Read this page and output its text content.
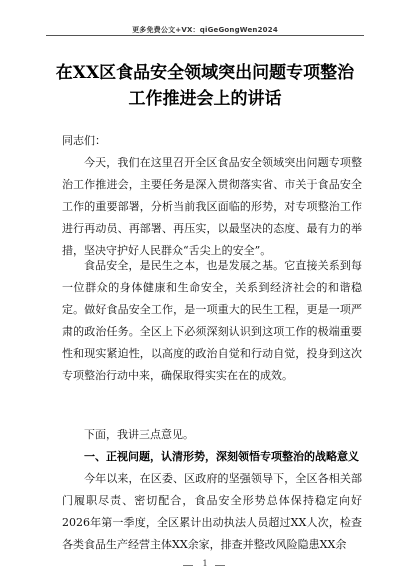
更多免费公文+VX：qiGeGongWen2024
在XX区食品安全领域突出问题专项整治
工作推进会上的讲话

同志们：

今天，我们在这里召开全区食品安全领域突出问题专项整治工作推进会，主要任务是深入贯彻落实省、市关于食品安全工作的重要部署，分析当前我区面临的形势，对专项整治工作进行再动员、再部署、再压实，以最坚决的态度、最有力的举措，坚决守护好人民群众“舌尖上的安全”。

食品安全，是民生之本，也是发展之基。它直接关系到每一位群众的身体健康和生命安全，关系到经济社会的和谐稳定。做好食品安全工作，是一项重大的民生工程，更是一项严肃的政治任务。全区上下必须深刻认识到这项工作的极端重要性和现实紧迫性，以高度的政治自觉和行动自觉，投身到这次专项整治行动中来，确保取得实实在在的成效。

下面，我讲三点意见。

一、正视问题，认清形势，深刻领悟专项整治的战略意义

今年以来，在区委、区政府的坚强领导下，全区各相关部门履职尽责、密切配合，食品安全形势总体保持稳定向好2026年第一季度，全区累计出动执法人员超过XX人次，检查各类食品生产经营主体XX余家，排查并整改风险隐患XX余

1
